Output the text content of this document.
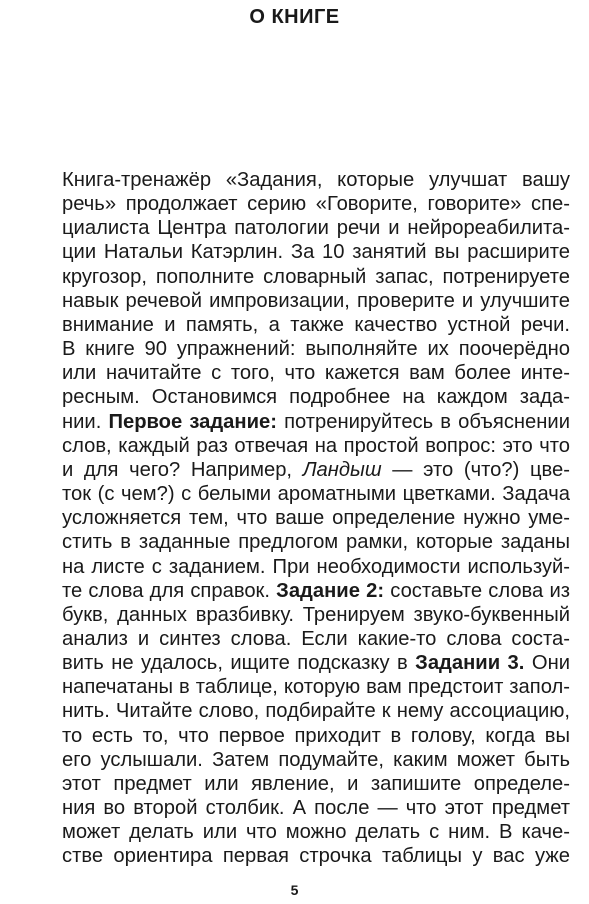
О КНИГЕ
Книга-тренажёр «Задания, которые улучшат вашу
речь» продолжает серию «Говорите, говорите» спе-
циалиста Центра патологии речи и нейрореабилита-
ции Натальи Катэрлин. За 10 занятий вы расширите
кругозор, пополните словарный запас, потренируете
навык речевой импровизации, проверите и улучшите
внимание и память, а также качество устной речи.
В книге 90 упражнений: выполняйте их поочерёдно
или начитайте с того, что кажется вам более инте-
ресным. Остановимся подробнее на каждом зада-
нии. Первое задание: потренируйтесь в объяснении
слов, каждый раз отвечая на простой вопрос: это что
и для чего? Например, Ландыш — это (что?) цве-
ток (с чем?) с белыми ароматными цветками. Задача
усложняется тем, что ваше определение нужно уме-
стить в заданные предлогом рамки, которые заданы
на листе с заданием. При необходимости используй-
те слова для справок. Задание 2: составьте слова из
букв, данных вразбивку. Тренируем звуко-буквенный
анализ и синтез слова. Если какие-то слова соста-
вить не удалось, ищите подсказку в Задании 3. Они
напечатаны в таблице, которую вам предстоит запол-
нить. Читайте слово, подбирайте к нему ассоциацию,
то есть то, что первое приходит в голову, когда вы
его услышали. Затем подумайте, каким может быть
этот предмет или явление, и запишите определе-
ния во второй столбик. А после — что этот предмет
может делать или что можно делать с ним. В каче-
стве ориентира первая строчка таблицы у вас уже
5
